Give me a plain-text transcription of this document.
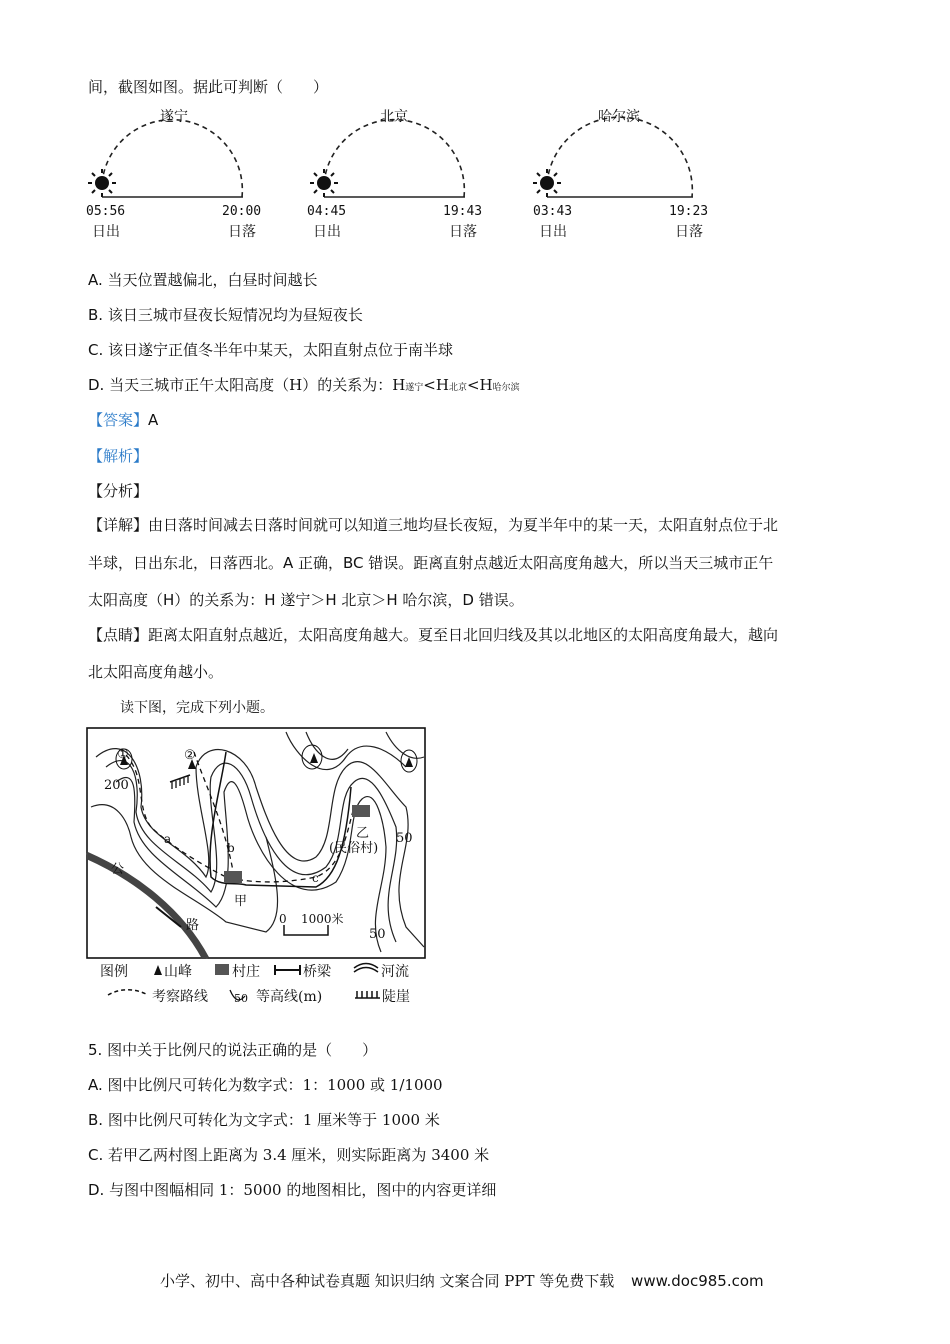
间，截图如图。据此可判断（　　）
遂宁
05:56	20:00
日出	日落
北京
04:45	19:43
日出	日落
哈尔滨
03:43	19:23
日出	日落
A. 当天位置越偏北，白昼时间越长
B. 该日三城市昼夜长短情况均为昼短夜长
C. 该日遂宁正值冬半年中某天，太阳直射点位于南半球
D. 当天三城市正午太阳高度（H）的关系为：H遂宁<H北京<H哈尔滨
【答案】A
【解析】
【分析】
【详解】由日落时间减去日落时间就可以知道三地均昼长夜短，为夏半年中的某一天，太阳直射点位于北
半球，日出东北，日落西北。A 正确，BC 错误。距离直射点越近太阳高度角越大，所以当天三城市正午
太阳高度（H）的关系为：H 遂宁＞H 北京＞H 哈尔滨，D 错误。
【点睛】距离太阳直射点越近，太阳高度角越大。夏至日北回归线及其以北地区的太阳高度角最大，越向
北太阳高度角越小。
读下图，完成下列小题。
①	②
200
50
50
a
b
c
甲
乙
(民俗村)
公
路	0 1000米
图例	山峰	村庄	桥梁	河流
考察路线 50 等高线(m)	陡崖
5. 图中关于比例尺的说法正确的是（　　）
A. 图中比例尺可转化为数字式：1：1000 或 1/1000
B. 图中比例尺可转化为文字式：1 厘米等于 1000 米
C. 若甲乙两村图上距离为 3.4 厘米，则实际距离为 3400 米
D. 与图中图幅相同 1：5000 的地图相比，图中的内容更详细
小学、初中、高中各种试卷真题 知识归纳 文案合同 PPT 等免费下载 www.doc985.com
